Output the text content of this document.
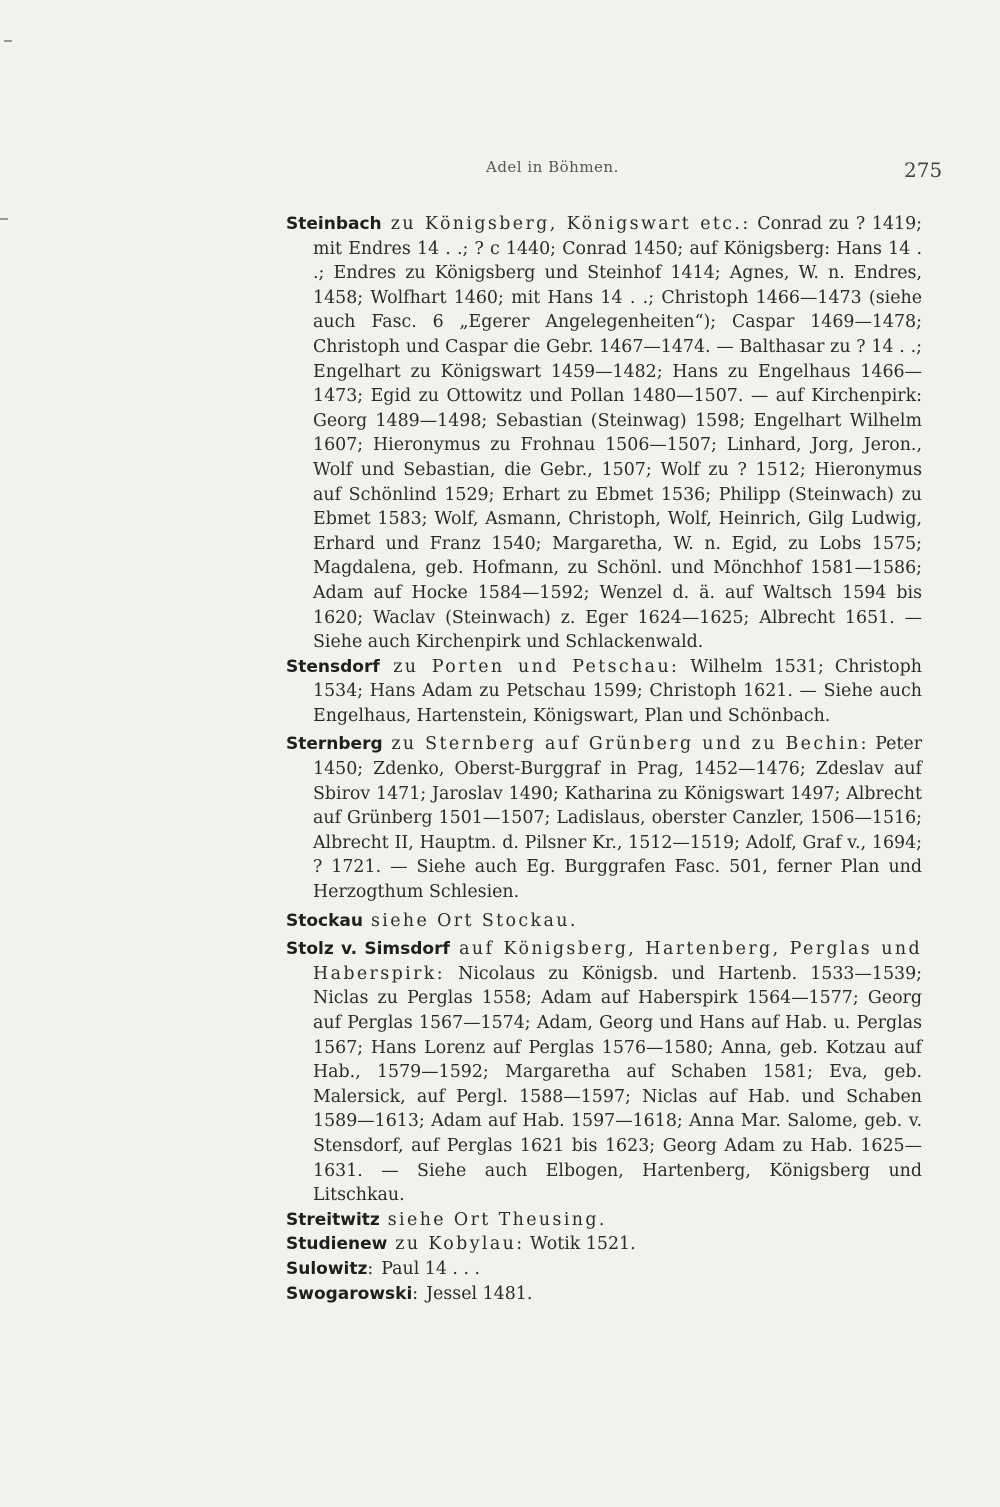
Adel in Böhmen.	275

Steinbach zu Königsberg, Königswart etc.: Conrad zu ? 1419; mit Endres 14 . .; ? c 1440; Conrad 1450; auf Königsberg: Hans 14 . .; Endres zu Königsberg und Steinhof 1414; Agnes, W. n. Endres, 1458; Wolfhart 1460; mit Hans 14 . .; Christoph 1466—1473 (siehe auch Fasc. 6 „Egerer Angelegenheiten“); Caspar 1469—1478; Christoph und Caspar die Gebr. 1467—1474. — Balthasar zu ? 14 . .; Engelhart zu Königswart 1459—1482; Hans zu Engelhaus 1466—1473; Egid zu Ottowitz und Pollan 1480—1507. — auf Kirchenpirk: Georg 1489—1498; Sebastian (Steinwag) 1598; Engelhart Wilhelm 1607; Hieronymus zu Frohnau 1506—1507; Linhard, Jorg, Jeron., Wolf und Sebastian, die Gebr., 1507; Wolf zu ? 1512; Hieronymus auf Schönlind 1529; Erhart zu Ebmet 1536; Philipp (Steinwach) zu Ebmet 1583; Wolf, Asmann, Christoph, Wolf, Heinrich, Gilg Ludwig, Erhard und Franz 1540; Margaretha, W. n. Egid, zu Lobs 1575; Magdalena, geb. Hofmann, zu Schönl. und Mönchhof 1581—1586; Adam auf Hocke 1584—1592; Wenzel d. ä. auf Waltsch 1594 bis 1620; Waclav (Steinwach) z. Eger 1624—1625; Albrecht 1651. — Siehe auch Kirchenpirk und Schlackenwald.

Stensdorf zu Porten und Petschau: Wilhelm 1531; Christoph 1534; Hans Adam zu Petschau 1599; Christoph 1621. — Siehe auch Engelhaus, Hartenstein, Königswart, Plan und Schönbach.

Sternberg zu Sternberg auf Grünberg und zu Bechin: Peter 1450; Zdenko, Oberst-Burggraf in Prag, 1452—1476; Zdeslav auf Sbirov 1471; Jaroslav 1490; Katharina zu Königswart 1497; Albrecht auf Grünberg 1501—1507; Ladislaus, oberster Canzler, 1506—1516; Albrecht II, Hauptm. d. Pilsner Kr., 1512—1519; Adolf, Graf v., 1694; ? 1721. — Siehe auch Eg. Burggrafen Fasc. 501, ferner Plan und Herzogthum Schlesien.

Stockau siehe Ort Stockau.

Stolz v. Simsdorf auf Königsberg, Hartenberg, Perglas und Haberspirk: Nicolaus zu Königsb. und Hartenb. 1533—1539; Niclas zu Perglas 1558; Adam auf Haberspirk 1564—1577; Georg auf Perglas 1567—1574; Adam, Georg und Hans auf Hab. u. Perglas 1567; Hans Lorenz auf Perglas 1576—1580; Anna, geb. Kotzau auf Hab., 1579—1592; Margaretha auf Schaben 1581; Eva, geb. Malersick, auf Pergl. 1588—1597; Niclas auf Hab. und Schaben 1589—1613; Adam auf Hab. 1597—1618; Anna Mar. Salome, geb. v. Stensdorf, auf Perglas 1621 bis 1623; Georg Adam zu Hab. 1625—1631. — Siehe auch Elbogen, Hartenberg, Königsberg und Litschkau.

Streitwitz siehe Ort Theusing.

Studienew zu Kobylau: Wotik 1521.

Sulowitz: Paul 14 . . .

Swogarowski: Jessel 1481.
